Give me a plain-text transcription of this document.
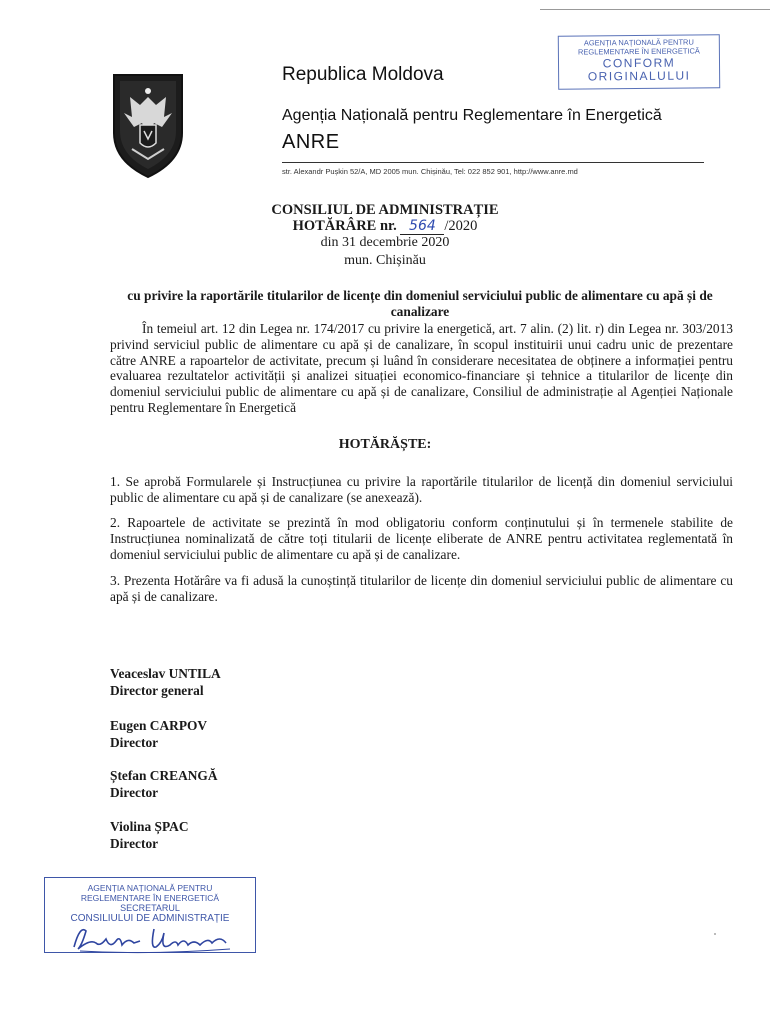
Republica Moldova
Agenția Națională pentru Reglementare în Energetică
ANRE
str. Alexandr Pușkin 52/A, MD 2005 mun. Chișinău, Tel: 022 852 901, http://www.anre.md
AGENȚIA NAȚIONALĂ PENTRU
REGLEMENTARE ÎN ENERGETICĂ
CONFORM
ORIGINALULUI
CONSILIUL DE ADMINISTRAȚIE
HOTĂRÂRE nr. 564 /2020
din 31 decembrie 2020
mun. Chișinău
cu privire la raportările titularilor de licențe din domeniul serviciului public de alimentare cu apă și de canalizare
În temeiul art. 12 din Legea nr. 174/2017 cu privire la energetică, art. 7 alin. (2) lit. r) din Legea nr. 303/2013 privind serviciul public de alimentare cu apă și de canalizare, în scopul instituirii unui cadru unic de prezentare către ANRE a rapoartelor de activitate, precum și luând în considerare necesitatea de obținere a informației pentru evaluarea rezultatelor activității și analizei situației economico-financiare și tehnice a titularilor de licențe din domeniul serviciului public de alimentare cu apă și de canalizare, Consiliul de administrație al Agenției Naționale pentru Reglementare în Energetică
HOTĂRĂȘTE:
1. Se aprobă Formularele și Instrucțiunea cu privire la raportările titularilor de licență din domeniul serviciului public de alimentare cu apă și de canalizare (se anexează).
2. Rapoartele de activitate se prezintă în mod obligatoriu conform conținutului și în termenele stabilite de Instrucțiunea nominalizată de către toți titularii de licențe eliberate de ANRE pentru activitatea reglementată în domeniul serviciului public de alimentare cu apă și de canalizare.
3. Prezenta Hotărâre va fi adusă la cunoștință titularilor de licențe din domeniul serviciului public de alimentare cu apă și de canalizare.
Veaceslav UNTILA
Director general
Eugen CARPOV
Director
Ștefan CREANGĂ
Director
Violina ȘPAC
Director
AGENȚIA NAȚIONALĂ PENTRU
REGLEMENTARE ÎN ENERGETICĂ
SECRETARUL
CONSILIULUI DE ADMINISTRAȚIE
